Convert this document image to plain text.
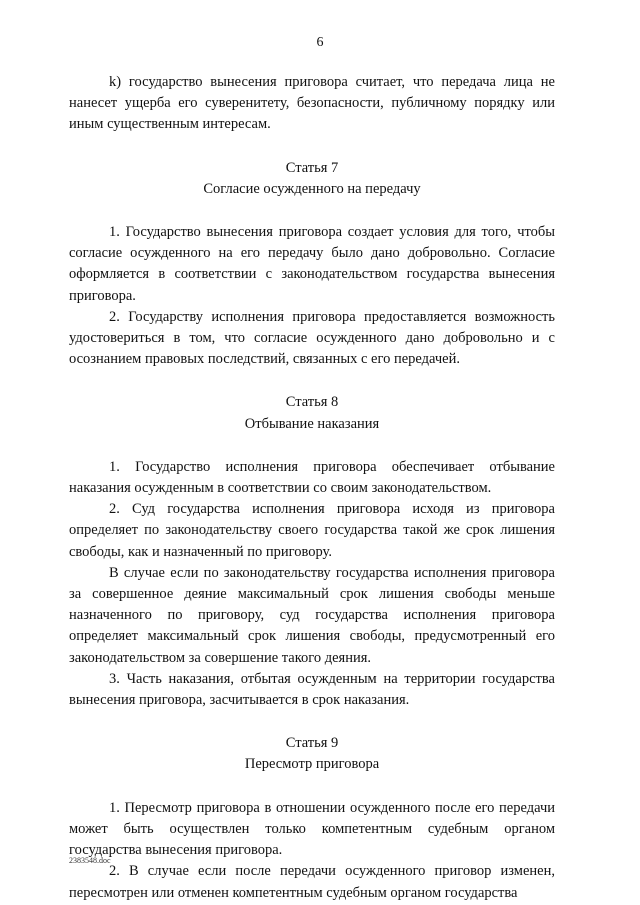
6

k) государство вынесения приговора считает, что передача лица не нанесет ущерба его суверенитету, безопасности, публичному порядку или иным существенным интересам.

Статья 7

Согласие осужденного на передачу

1. Государство вынесения приговора создает условия для того, чтобы согласие осужденного на его передачу было дано добровольно. Согласие оформляется в соответствии с законодательством государства вынесения приговора.

2. Государству исполнения приговора предоставляется возможность удостовериться в том, что согласие осужденного дано добровольно и с осознанием правовых последствий, связанных с его передачей.

Статья 8

Отбывание наказания

1. Государство исполнения приговора обеспечивает отбывание наказания осужденным в соответствии со своим законодательством.

2. Суд государства исполнения приговора исходя из приговора определяет по законодательству своего государства такой же срок лишения свободы, как и назначенный по приговору.

В случае если по законодательству государства исполнения приговора за совершенное деяние максимальный срок лишения свободы меньше назначенного по приговору, суд государства исполнения приговора определяет максимальный срок лишения свободы, предусмотренный его законодательством за совершение такого деяния.

3. Часть наказания, отбытая осужденным на территории государства вынесения приговора, засчитывается в срок наказания.

Статья 9

Пересмотр приговора

1. Пересмотр приговора в отношении осужденного после его передачи может быть осуществлен только компетентным судебным органом государства вынесения приговора.

2. В случае если после передачи осужденного приговор изменен, пересмотрен или отменен компетентным судебным органом государства

2383548.doc
